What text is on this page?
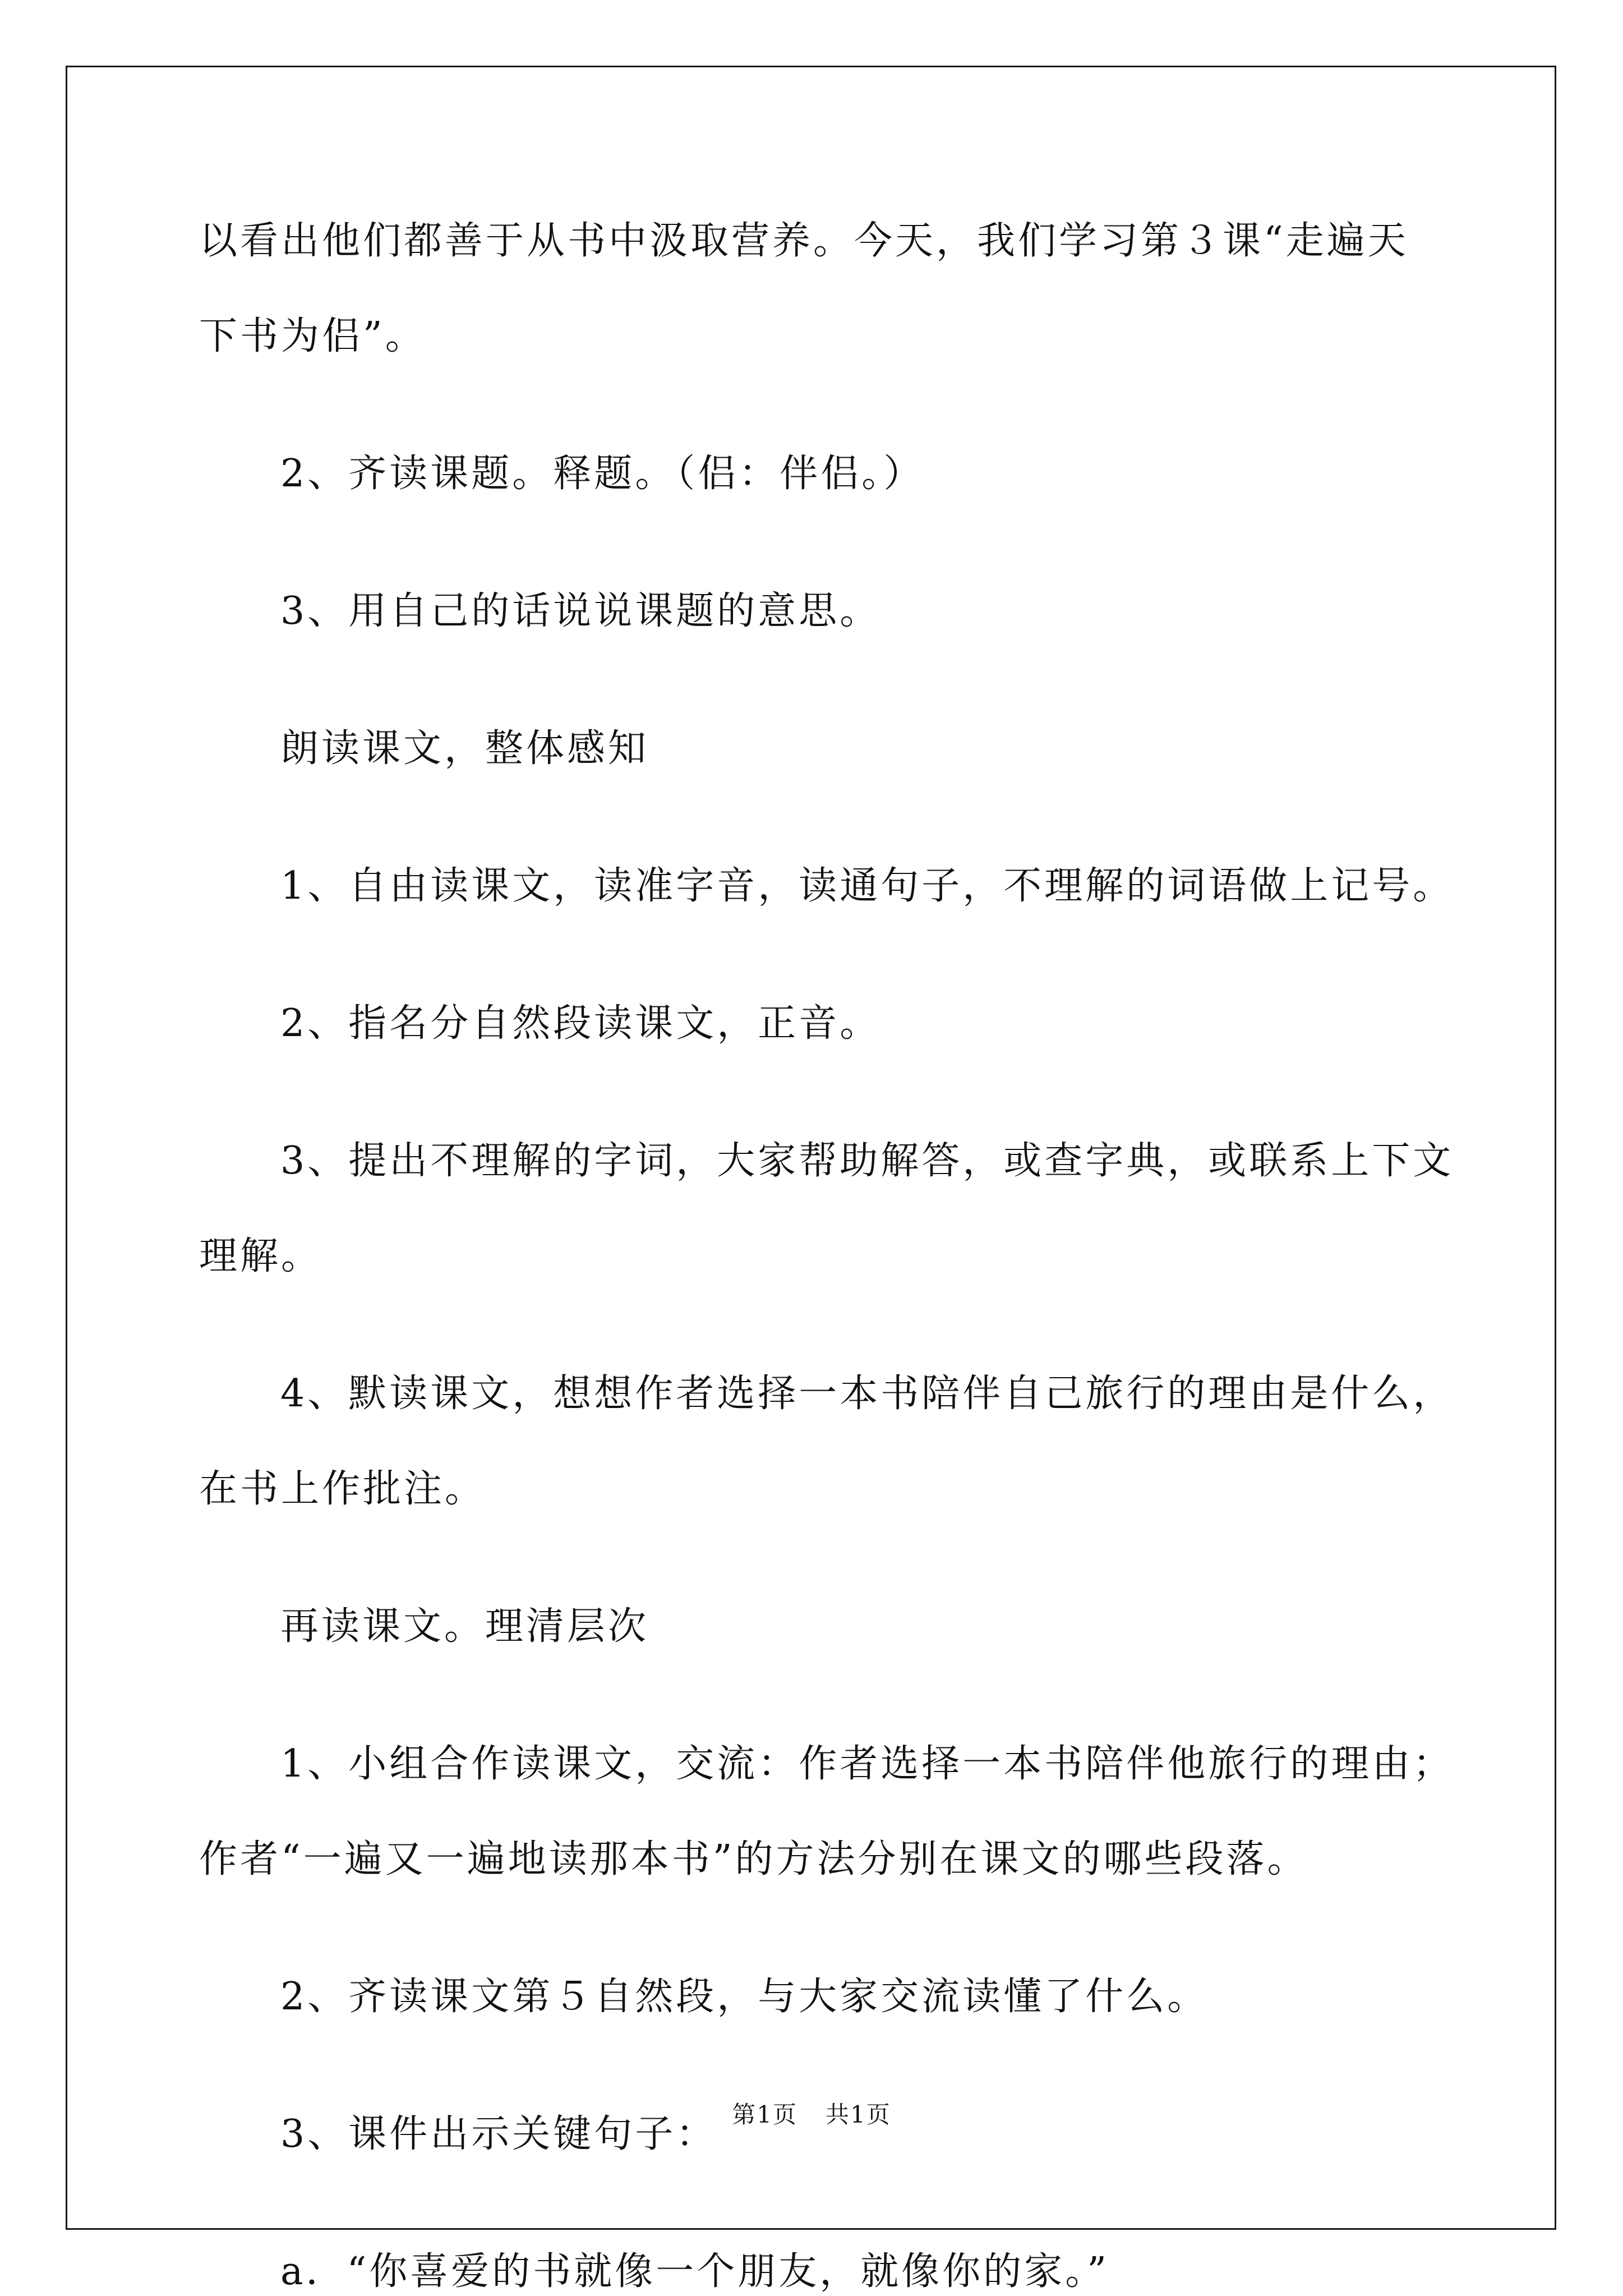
以看出他们都善于从书中汲取营养。今天，我们学习第３课“走遍天
下书为侣”。
2、齐读课题。释题。（侣：伴侣。）
3、用自己的话说说课题的意思。
朗读课文，整体感知
1、自由读课文，读准字音，读通句子，不理解的词语做上记号。
2、指名分自然段读课文，正音。
3、提出不理解的字词，大家帮助解答，或查字典，或联系上下文
理解。
4、默读课文，想想作者选择一本书陪伴自己旅行的理由是什么，
在书上作批注。
再读课文。理清层次
1、小组合作读课文，交流：作者选择一本书陪伴他旅行的理由；
作者“一遍又一遍地读那本书”的方法分别在课文的哪些段落。
2、齐读课文第５自然段，与大家交流读懂了什么。
3、课件出示关键句子：
a．“你喜爱的书就像一个朋友，就像你的家。”
第1页 共1页
